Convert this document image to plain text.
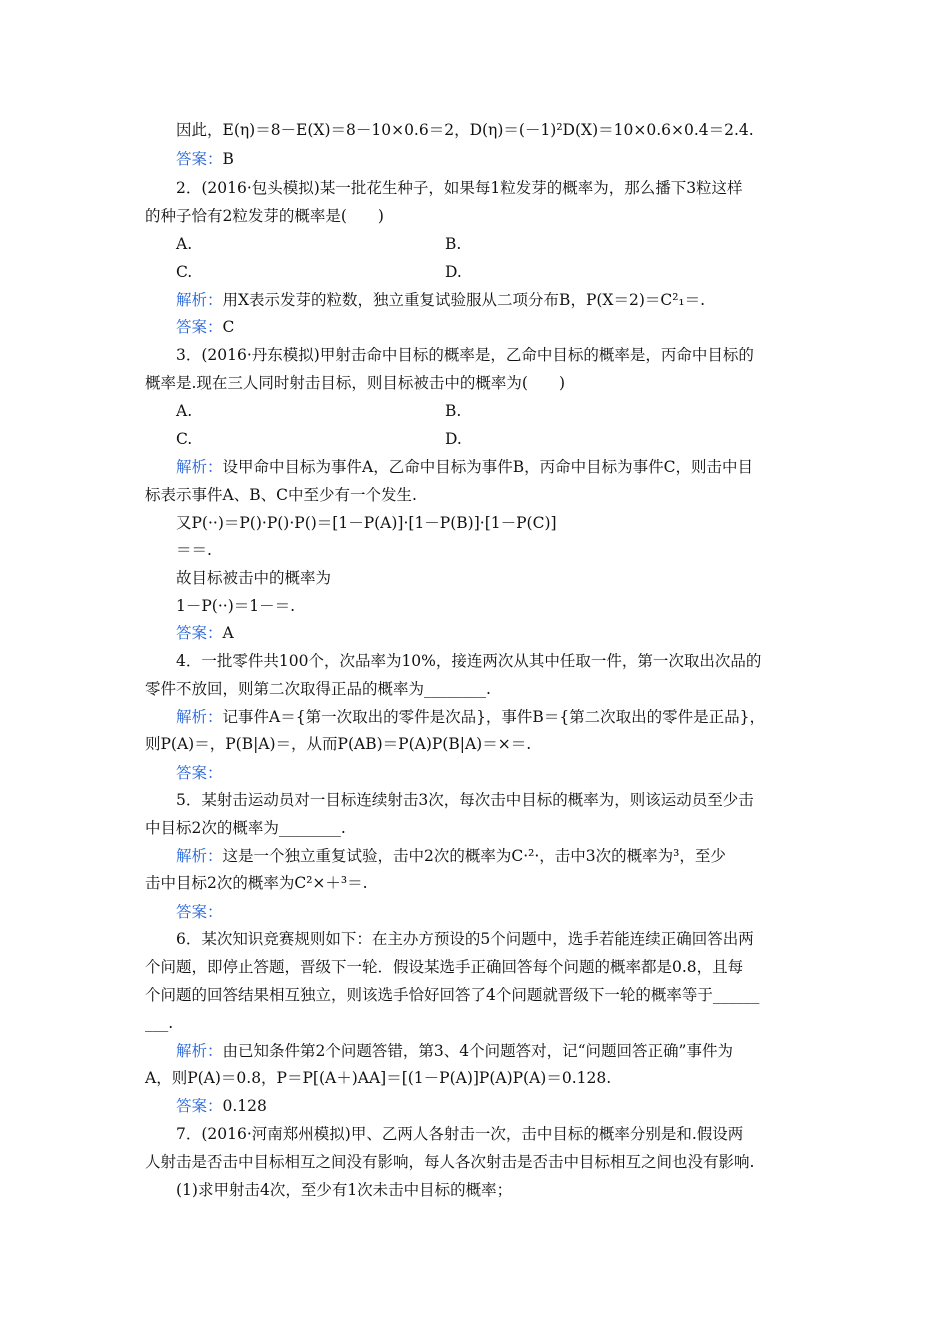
因此，E(η)＝8－E(X)＝8－10×0.6＝2，D(η)＝(－1)²D(X)＝10×0.6×0.4＝2.4.
答案：B
2．(2016·包头模拟)某一批花生种子，如果每1粒发芽的概率为，那么播下3粒这样
的种子恰有2粒发芽的概率是(　　)
A.	B.
C.	D.
解析：用X表示发芽的粒数，独立重复试验服从二项分布B，P(X＝2)＝C²₁＝.
答案：C
3．(2016·丹东模拟)甲射击命中目标的概率是，乙命中目标的概率是，丙命中目标的
概率是.现在三人同时射击目标，则目标被击中的概率为(　　)
A.	B.
C.	D.
解析：设甲命中目标为事件A，乙命中目标为事件B，丙命中目标为事件C，则击中目
标表示事件A、B、C中至少有一个发生.
又P(··)＝P()·P()·P()＝[1－P(A)]·[1－P(B)]·[1－P(C)]
＝＝.
故目标被击中的概率为
1－P(··)＝1－＝.
答案：A
4．一批零件共100个，次品率为10%，接连两次从其中任取一件，第一次取出次品的
零件不放回，则第二次取得正品的概率为________.
解析：记事件A＝{第一次取出的零件是次品}，事件B＝{第二次取出的零件是正品}，
则P(A)＝，P(B|A)＝，从而P(AB)＝P(A)P(B|A)＝×＝.
答案：
5．某射击运动员对一目标连续射击3次，每次击中目标的概率为，则该运动员至少击
中目标2次的概率为________.
解析：这是一个独立重复试验，击中2次的概率为C·²·，击中3次的概率为³，至少
击中目标2次的概率为C²×＋³＝.
答案：
6．某次知识竞赛规则如下：在主办方预设的5个问题中，选手若能连续正确回答出两
个问题，即停止答题，晋级下一轮．假设某选手正确回答每个问题的概率都是0.8，且每
个问题的回答结果相互独立，则该选手恰好回答了4个问题就晋级下一轮的概率等于______
___.
解析：由已知条件第2个问题答错，第3、4个问题答对，记“问题回答正确”事件为
A，则P(A)＝0.8，P＝P[(A＋)AA]＝[(1－P(A)]P(A)P(A)＝0.128.
答案：0.128
7．(2016·河南郑州模拟)甲、乙两人各射击一次，击中目标的概率分别是和.假设两
人射击是否击中目标相互之间没有影响，每人各次射击是否击中目标相互之间也没有影响.
(1)求甲射击4次，至少有1次未击中目标的概率；
